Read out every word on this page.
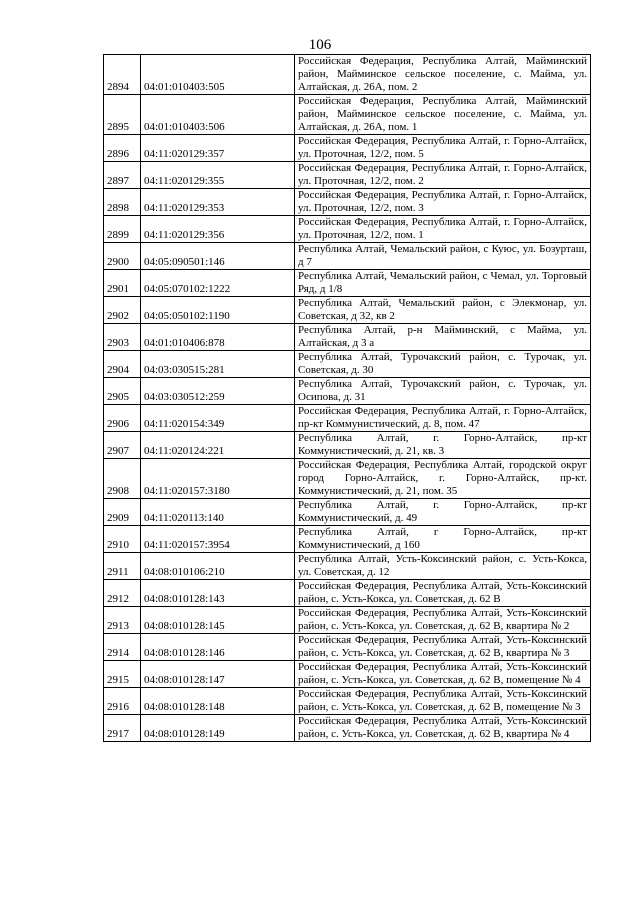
106
2894	04:01:010403:505	Российская Федерация, Республика Алтай, Майминский район, Майминское сельское поселение, с. Майма, ул. Алтайская, д. 26А, пом. 2
2895	04:01:010403:506	Российская Федерация, Республика Алтай, Майминский район, Майминское сельское поселение, с. Майма, ул. Алтайская, д. 26А, пом. 1
2896	04:11:020129:357	Российская Федерация, Республика Алтай, г. Горно-Алтайск, ул. Проточная, 12/2, пом. 5
2897	04:11:020129:355	Российская Федерация, Республика Алтай, г. Горно-Алтайск, ул. Проточная, 12/2, пом. 2
2898	04:11:020129:353	Российская Федерация, Республика Алтай, г. Горно-Алтайск, ул. Проточная, 12/2, пом. 3
2899	04:11:020129:356	Российская Федерация, Республика Алтай, г. Горно-Алтайск, ул. Проточная, 12/2, пом. 1
2900	04:05:090501:146	Республика Алтай, Чемальский район, с Куюс, ул. Бозурташ, д 7
2901	04:05:070102:1222	Республика Алтай, Чемальский район, с Чемал, ул. Торговый Ряд, д 1/8
2902	04:05:050102:1190	Республика Алтай, Чемальский район, с Элекмонар, ул. Советская, д 32, кв 2
2903	04:01:010406:878	Республика Алтай, р-н Майминский, с Майма, ул. Алтайская, д 3 а
2904	04:03:030515:281	Республика Алтай, Турочакский район, с. Турочак, ул. Советская, д. 30
2905	04:03:030512:259	Республика Алтай, Турочакский район, с. Турочак, ул. Осипова, д. 31
2906	04:11:020154:349	Российская Федерация, Республика Алтай, г. Горно-Алтайск, пр-кт Коммунистический, д. 8, пом. 47
2907	04:11:020124:221	Республика Алтай, г. Горно-Алтайск, пр-кт Коммунистический, д. 21, кв. 3
2908	04:11:020157:3180	Российская Федерация, Республика Алтай, городской округ город Горно-Алтайск, г. Горно-Алтайск, пр-кт. Коммунистический, д. 21, пом. 35
2909	04:11:020113:140	Республика Алтай, г. Горно-Алтайск, пр-кт Коммунистический, д. 49
2910	04:11:020157:3954	Республика Алтай, г Горно-Алтайск, пр-кт Коммунистический, д 160
2911	04:08:010106:210	Республика Алтай, Усть-Коксинский район, с. Усть-Кокса, ул. Советская, д. 12
2912	04:08:010128:143	Российская Федерация, Республика Алтай, Усть-Коксинский район, с. Усть-Кокса, ул. Советская, д. 62 В
2913	04:08:010128:145	Российская Федерация, Республика Алтай, Усть-Коксинский район, с. Усть-Кокса, ул. Советская, д. 62 В, квартира № 2
2914	04:08:010128:146	Российская Федерация, Республика Алтай, Усть-Коксинский район, с. Усть-Кокса, ул. Советская, д. 62 В, квартира № 3
2915	04:08:010128:147	Российская Федерация, Республика Алтай, Усть-Коксинский район, с. Усть-Кокса, ул. Советская, д. 62 В, помещение № 4
2916	04:08:010128:148	Российская Федерация, Республика Алтай, Усть-Коксинский район, с. Усть-Кокса, ул. Советская, д. 62 В, помещение № 3
2917	04:08:010128:149	Российская Федерация, Республика Алтай, Усть-Коксинский район, с. Усть-Кокса, ул. Советская, д. 62 В, квартира № 4
